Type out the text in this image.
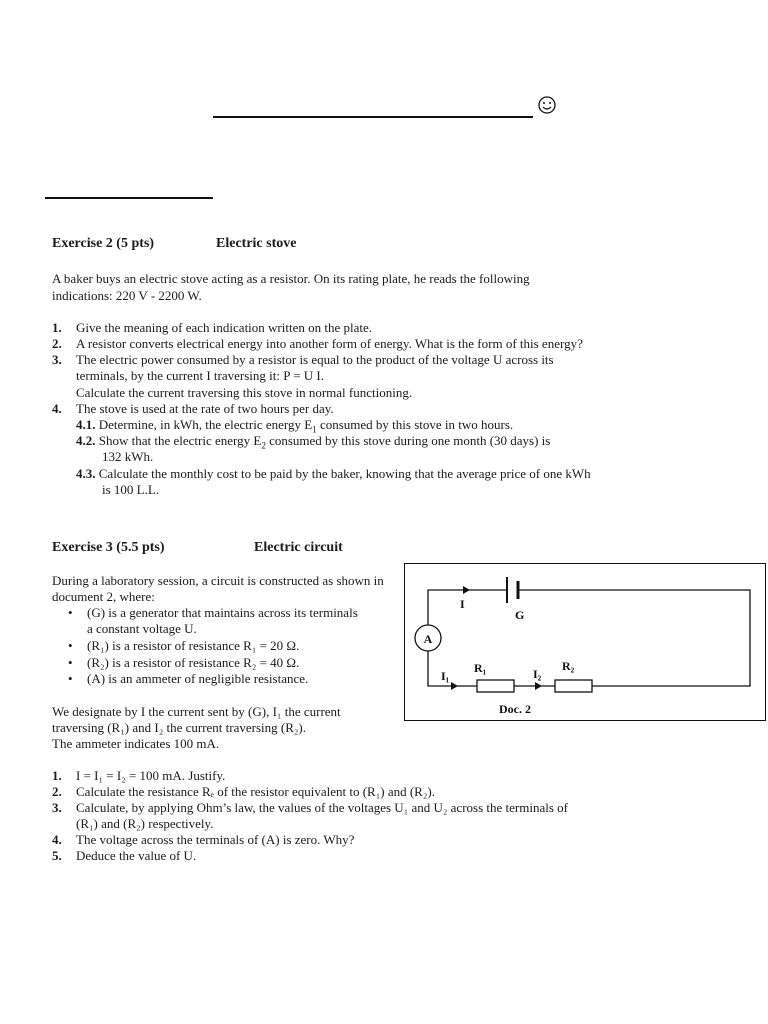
Exercise 2 (5 pts)	Electric stove
A baker buys an electric stove acting as a resistor. On its rating plate, he reads the following
indications: 220 V - 2200 W.
1. Give the meaning of each indication written on the plate.
2. A resistor converts electrical energy into another form of energy. What is the form of this energy?
3. The electric power consumed by a resistor is equal to the product of the voltage U across its
terminals, by the current I traversing it: P = U I.
Calculate the current traversing this stove in normal functioning.
4. The stove is used at the rate of two hours per day.
4.1. Determine, in kWh, the electric energy $E_1$ consumed by this stove in two hours.
4.2. Show that the electric energy $E_2$ consumed by this stove during one month (30 days) is
132 kWh.
4.3. Calculate the monthly cost to be paid by the baker, knowing that the average price of one kWh
is 100 L.L.
Exercise 3 (5.5 pts)	Electric circuit
During a laboratory session, a circuit is constructed as shown in
document 2, where:
• (G) is a generator that maintains across its terminals
a constant voltage U.
• (R₁) is a resistor of resistance R₁ = 20 Ω.
• (R₂) is a resistor of resistance R₂ = 40 Ω.
• (A) is an ammeter of negligible resistance.
We designate by I the current sent by (G), I₁ the current
traversing (R₁) and I₂ the current traversing (R₂).
The ammeter indicates 100 mA.
1. I = I₁ = I₂ = 100 mA. Justify.
2. Calculate the resistance Rₑ of the resistor equivalent to (R₁) and (R₂).
3. Calculate, by applying Ohm’s law, the values of the voltages U₁ and U₂ across the terminals of
(R₁) and (R₂) respectively.
4. The voltage across the terminals of (A) is zero. Why?
5. Deduce the value of U.
I
G
A
I₁
R₁	I₂
R₂
Doc. 2
